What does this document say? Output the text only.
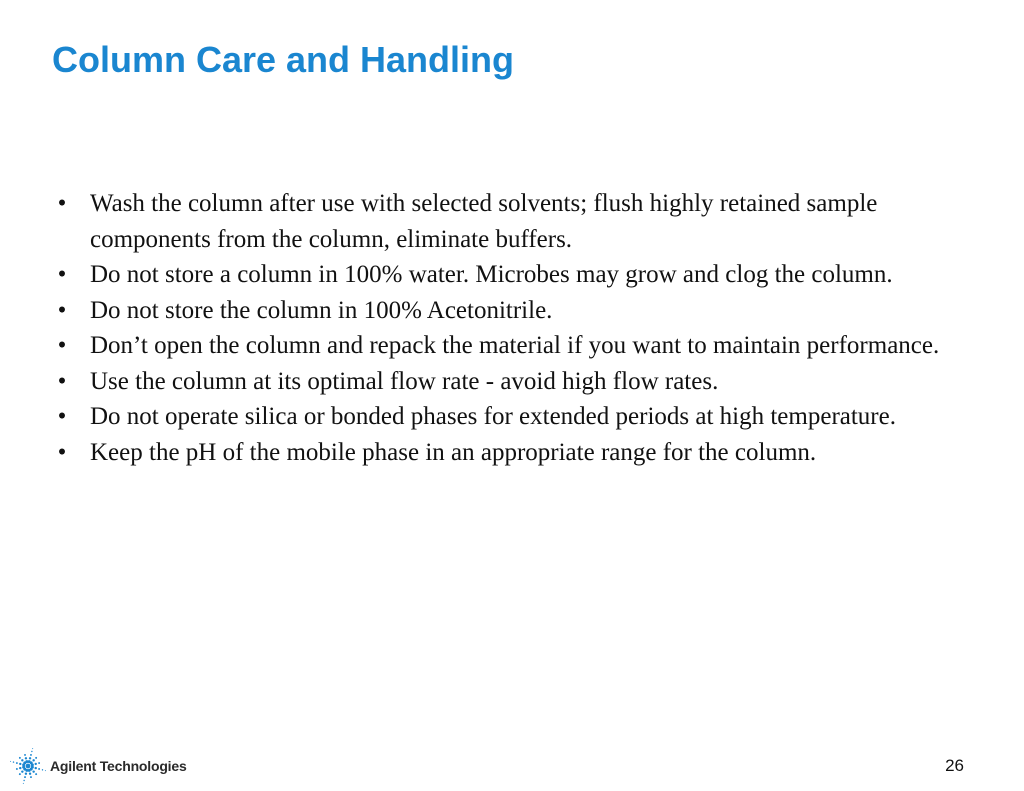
Column Care and Handling
• Wash the column after use with selected solvents; flush highly retained sample components from the column, eliminate buffers.
• Do not store a column in 100% water. Microbes may grow and clog the column.
• Do not store the column in 100% Acetonitrile.
• Don’t open the column and repack the material if you want to maintain performance.
• Use the column at its optimal flow rate - avoid high flow rates.
• Do not operate silica or bonded phases for extended periods at high temperature.
• Keep the pH of the mobile phase in an appropriate range for the column.
Agilent Technologies	26
